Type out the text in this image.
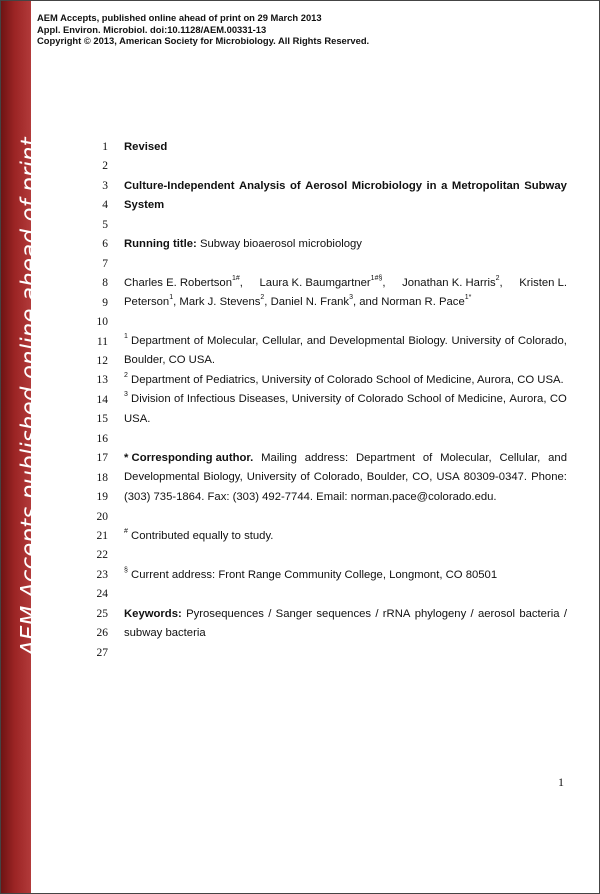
AEM Accepts published online ahead of print
AEM Accepts, published online ahead of print on 29 March 2013
Appl. Environ. Microbiol. doi:10.1128/AEM.00331-13
Copyright © 2013, American Society for Microbiology. All Rights Reserved.
1
2
3
4
5
6
7
8
9
10
11
12
13
14
15
16
17
18
19
20
21
22
23
24
25
26
27
Revised
Culture-Independent Analysis of Aerosol Microbiology in a Metropolitan Subway
System
Running title: Subway bioaerosol microbiology
Charles E. Robertson$^{1\#}$, Laura K. Baumgartner$^{1\#\S}$, Jonathan K. Harris$^2$, Kristen L.
Peterson$^1$, Mark J. Stevens$^2$, Daniel N. Frank$^3$, and Norman R. Pace$^{1*}$
$^1$ Department of Molecular, Cellular, and Developmental Biology. University of Colorado,
Boulder, CO USA.
$^2$ Department of Pediatrics, University of Colorado School of Medicine, Aurora, CO USA.
$^3$ Division of Infectious Diseases, University of Colorado School of Medicine, Aurora, CO
USA.
* Corresponding author. Mailing address: Department of Molecular, Cellular, and
Developmental Biology, University of Colorado, Boulder, CO, USA 80309-0347. Phone:
(303) 735-1864. Fax: (303) 492-7744. Email: norman.pace@colorado.edu.
# Contributed equally to study.
§ Current address: Front Range Community College, Longmont, CO 80501
Keywords: Pyrosequences / Sanger sequences / rRNA phylogeny / aerosol bacteria /
subway bacteria
1
